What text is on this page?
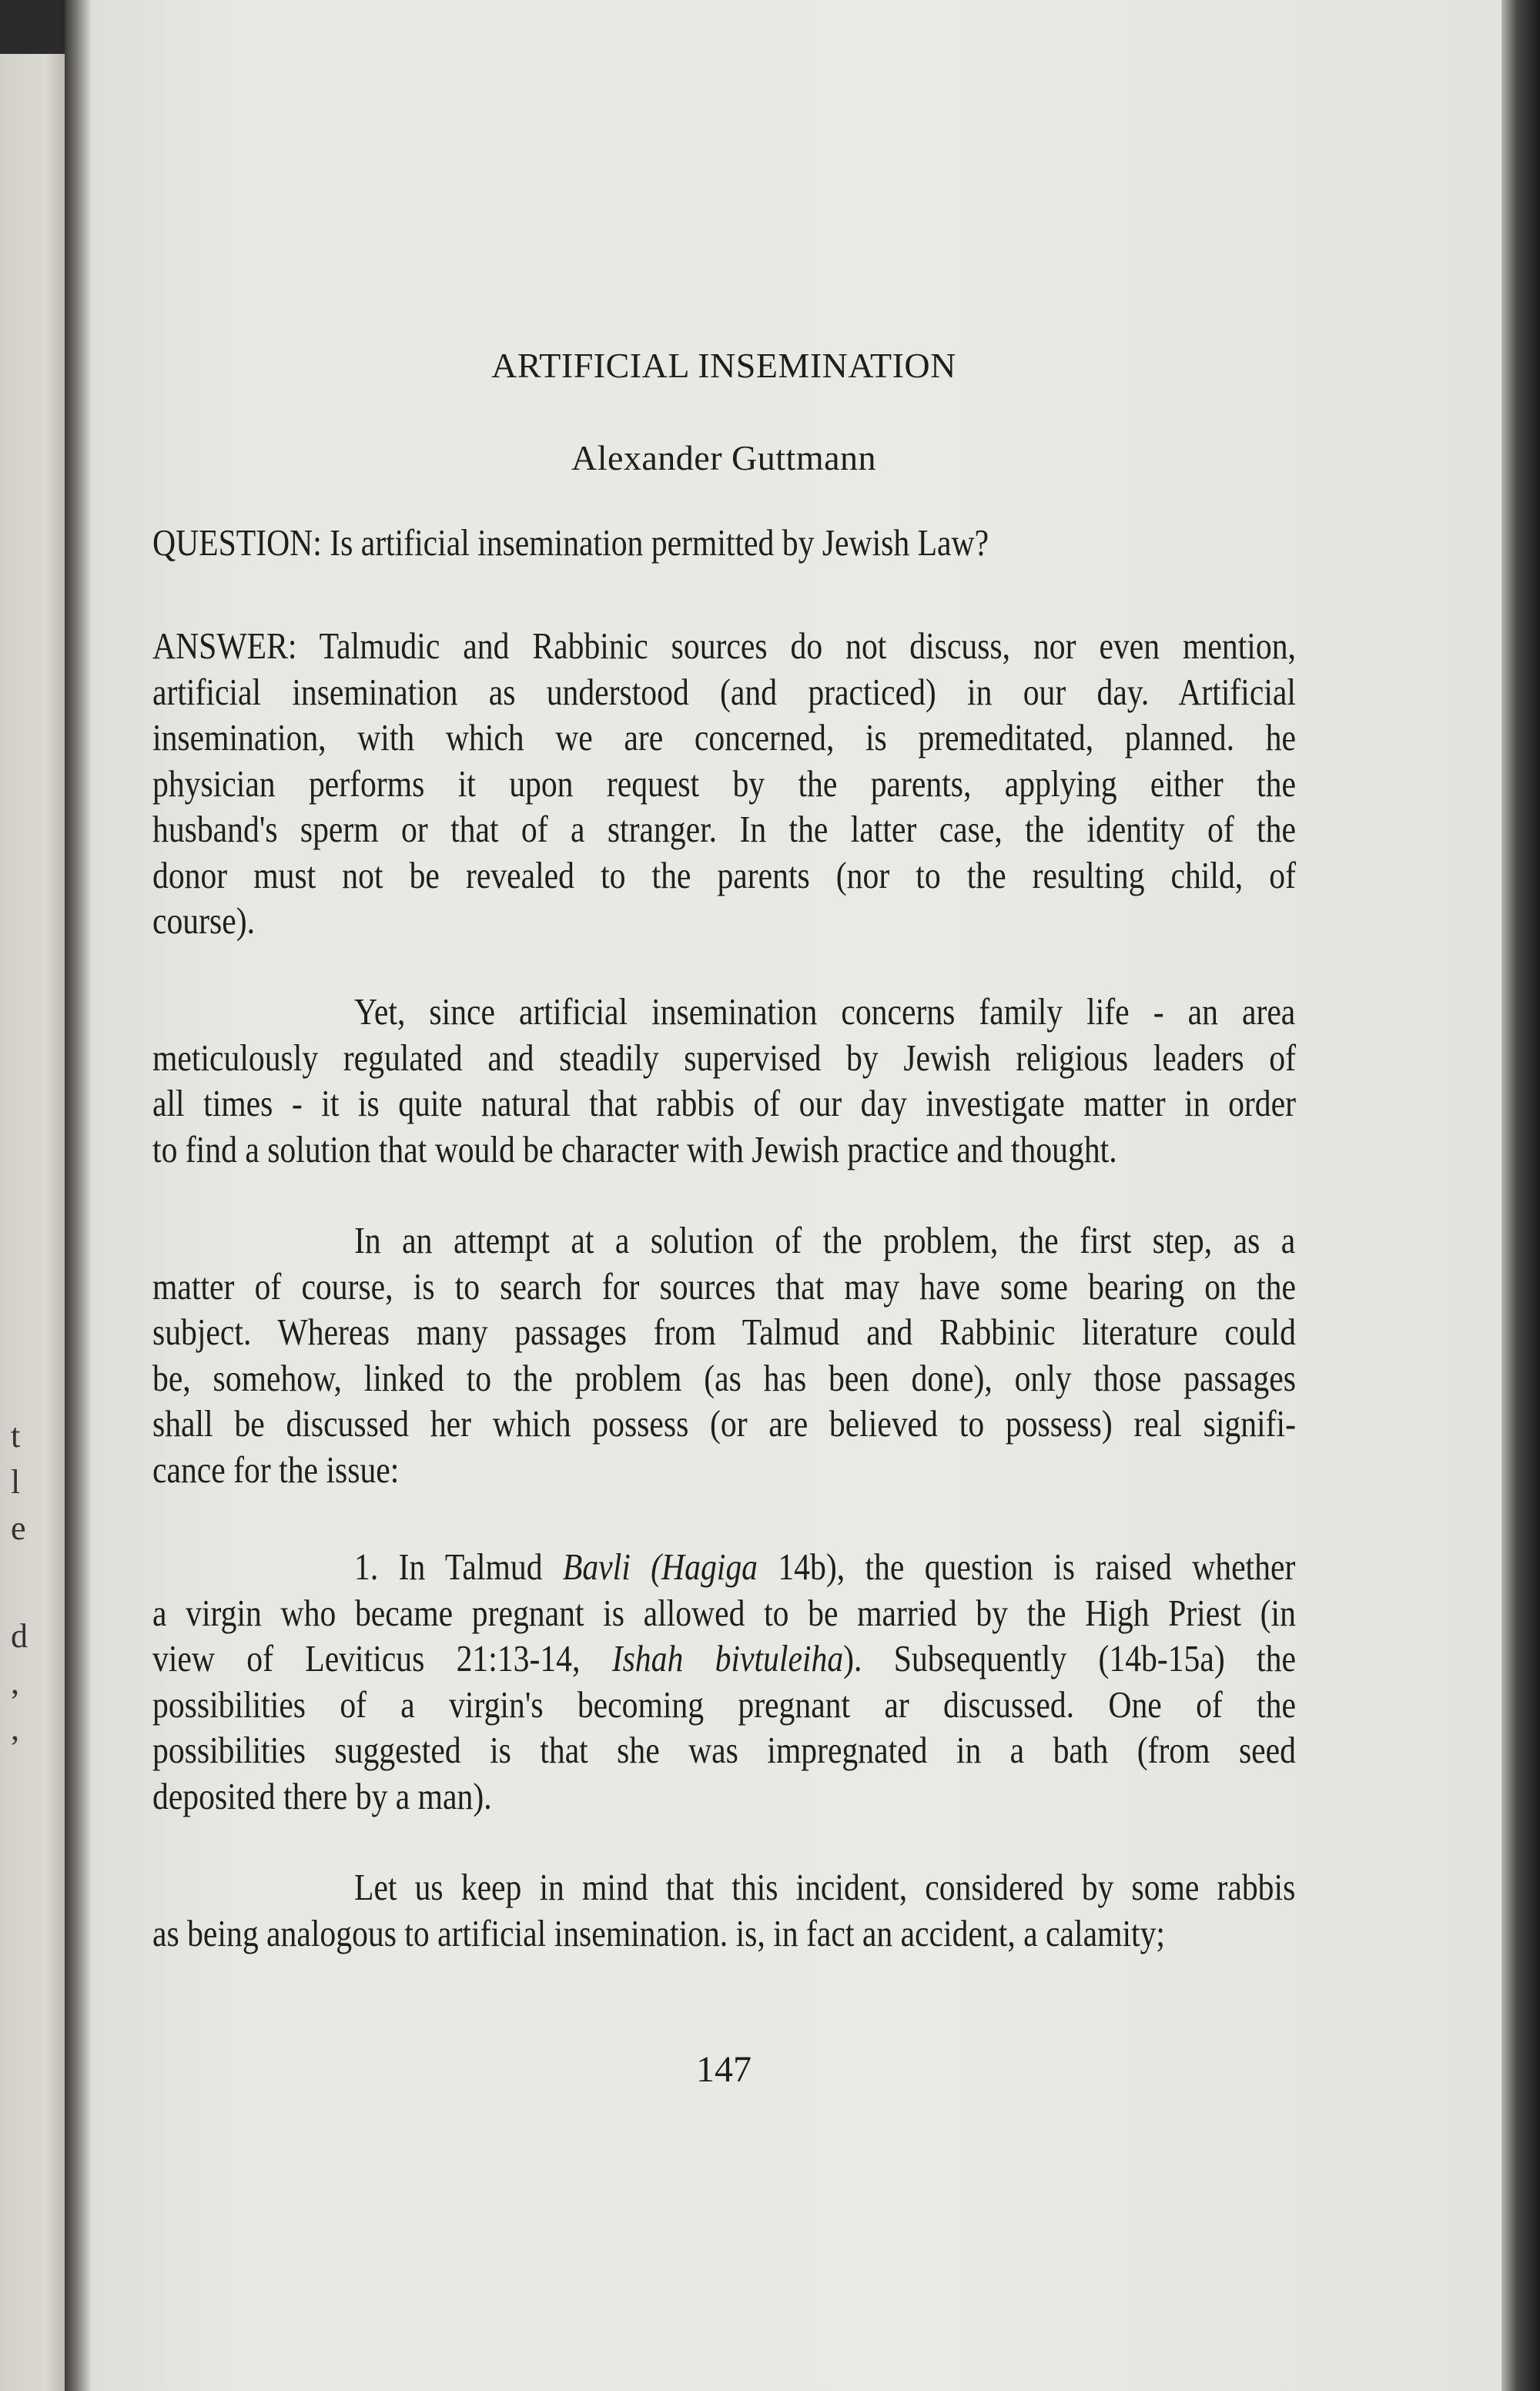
t
l
e
d
,
,
ARTIFICIAL INSEMINATION
Alexander Guttmann
QUESTION: Is artificial insemination permitted by Jewish Law?
ANSWER: Talmudic and Rabbinic sources do not discuss, nor even mention,
artificial insemination as understood (and practiced) in our day. Artificial
insemination, with which we are concerned, is premeditated, planned. he
physician performs it upon request by the parents, applying either the
husband's sperm or that of a stranger. In the latter case, the identity of the
donor must not be revealed to the parents (nor to the resulting child, of
course).
Yet, since artificial insemination concerns family life - an area
meticulously regulated and steadily supervised by Jewish religious leaders of
all times - it is quite natural that rabbis of our day investigate matter in order
to find a solution that would be character with Jewish practice and thought.
In an attempt at a solution of the problem, the first step, as a
matter of course, is to search for sources that may have some bearing on the
subject. Whereas many passages from Talmud and Rabbinic literature could
be, somehow, linked to the problem (as has been done), only those passages
shall be discussed her which possess (or are believed to possess) real signifi-
cance for the issue:
1. In Talmud Bavli (Hagiga 14b), the question is raised whether
a virgin who became pregnant is allowed to be married by the High Priest (in
view of Leviticus 21:13-14, Ishah bivtuleiha). Subsequently (14b-15a) the
possibilities of a virgin's becoming pregnant ar discussed. One of the
possibilities suggested is that she was impregnated in a bath (from seed
deposited there by a man).
Let us keep in mind that this incident, considered by some rabbis
as being analogous to artificial insemination. is, in fact an accident, a calamity;
147
